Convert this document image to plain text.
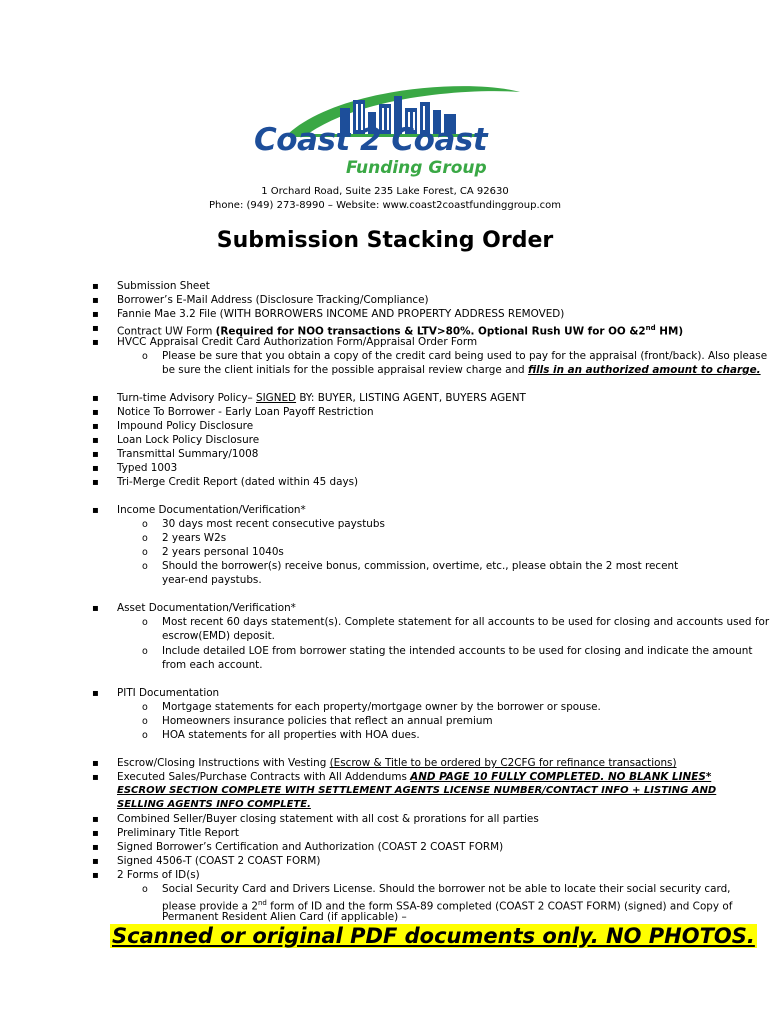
Coast 2 Coast
Funding Group
1 Orchard Road, Suite 235 Lake Forest, CA 92630
Phone: (949) 273-8990 – Website: www.coast2coastfundinggroup.com
Submission Stacking Order
▪
Submission Sheet
▪
Borrower’s E-Mail Address (Disclosure Tracking/Compliance)
▪
Fannie Mae 3.2 File (WITH BORROWERS INCOME AND PROPERTY ADDRESS REMOVED)
▪
Contract UW Form (Required for NOO transactions & LTV>80%. Optional Rush UW for OO &2nd HM)
▪
HVCC Appraisal Credit Card Authorization Form/Appraisal Order Form
o
Please be sure that you obtain a copy of the credit card being used to pay for the appraisal (front/back). Also please
be sure the client initials for the possible appraisal review charge and fills in an authorized amount to charge.
▪
Turn-time Advisory Policy– SIGNED BY: BUYER, LISTING AGENT, BUYERS AGENT
▪
Notice To Borrower - Early Loan Payoff Restriction
▪
Impound Policy Disclosure
▪
Loan Lock Policy Disclosure
▪
Transmittal Summary/1008
▪
Typed 1003
▪
Tri-Merge Credit Report (dated within 45 days)
▪
Income Documentation/Verification*
o
30 days most recent consecutive paystubs
o
2 years W2s
o
2 years personal 1040s
o
Should the borrower(s) receive bonus, commission, overtime, etc., please obtain the 2 most recent
year-end paystubs.
▪
Asset Documentation/Verification*
o
Most recent 60 days statement(s). Complete statement for all accounts to be used for closing and accounts used for
escrow(EMD) deposit.
o
Include detailed LOE from borrower stating the intended accounts to be used for closing and indicate the amount
from each account.
▪
PITI Documentation
o
Mortgage statements for each property/mortgage owner by the borrower or spouse.
o
Homeowners insurance policies that reflect an annual premium
o
HOA statements for all properties with HOA dues.
▪
Escrow/Closing Instructions with Vesting (Escrow & Title to be ordered by C2CFG for refinance transactions)
▪
Executed Sales/Purchase Contracts with All Addendums AND PAGE 10 FULLY COMPLETED. NO BLANK LINES*
ESCROW SECTION COMPLETE WITH SETTLEMENT AGENTS LICENSE NUMBER/CONTACT INFO + LISTING AND
SELLING AGENTS INFO COMPLETE.
▪
Combined Seller/Buyer closing statement with all cost & prorations for all parties
▪
Preliminary Title Report
▪
Signed Borrower’s Certification and Authorization (COAST 2 COAST FORM)
▪
Signed 4506-T (COAST 2 COAST FORM)
▪
2 Forms of ID(s)
o
Social Security Card and Drivers License. Should the borrower not be able to locate their social security card,
please provide a 2nd form of ID and the form SSA-89 completed (COAST 2 COAST FORM) (signed) and Copy of
Permanent Resident Alien Card (if applicable) –
Scanned or original PDF documents only. NO PHOTOS.
